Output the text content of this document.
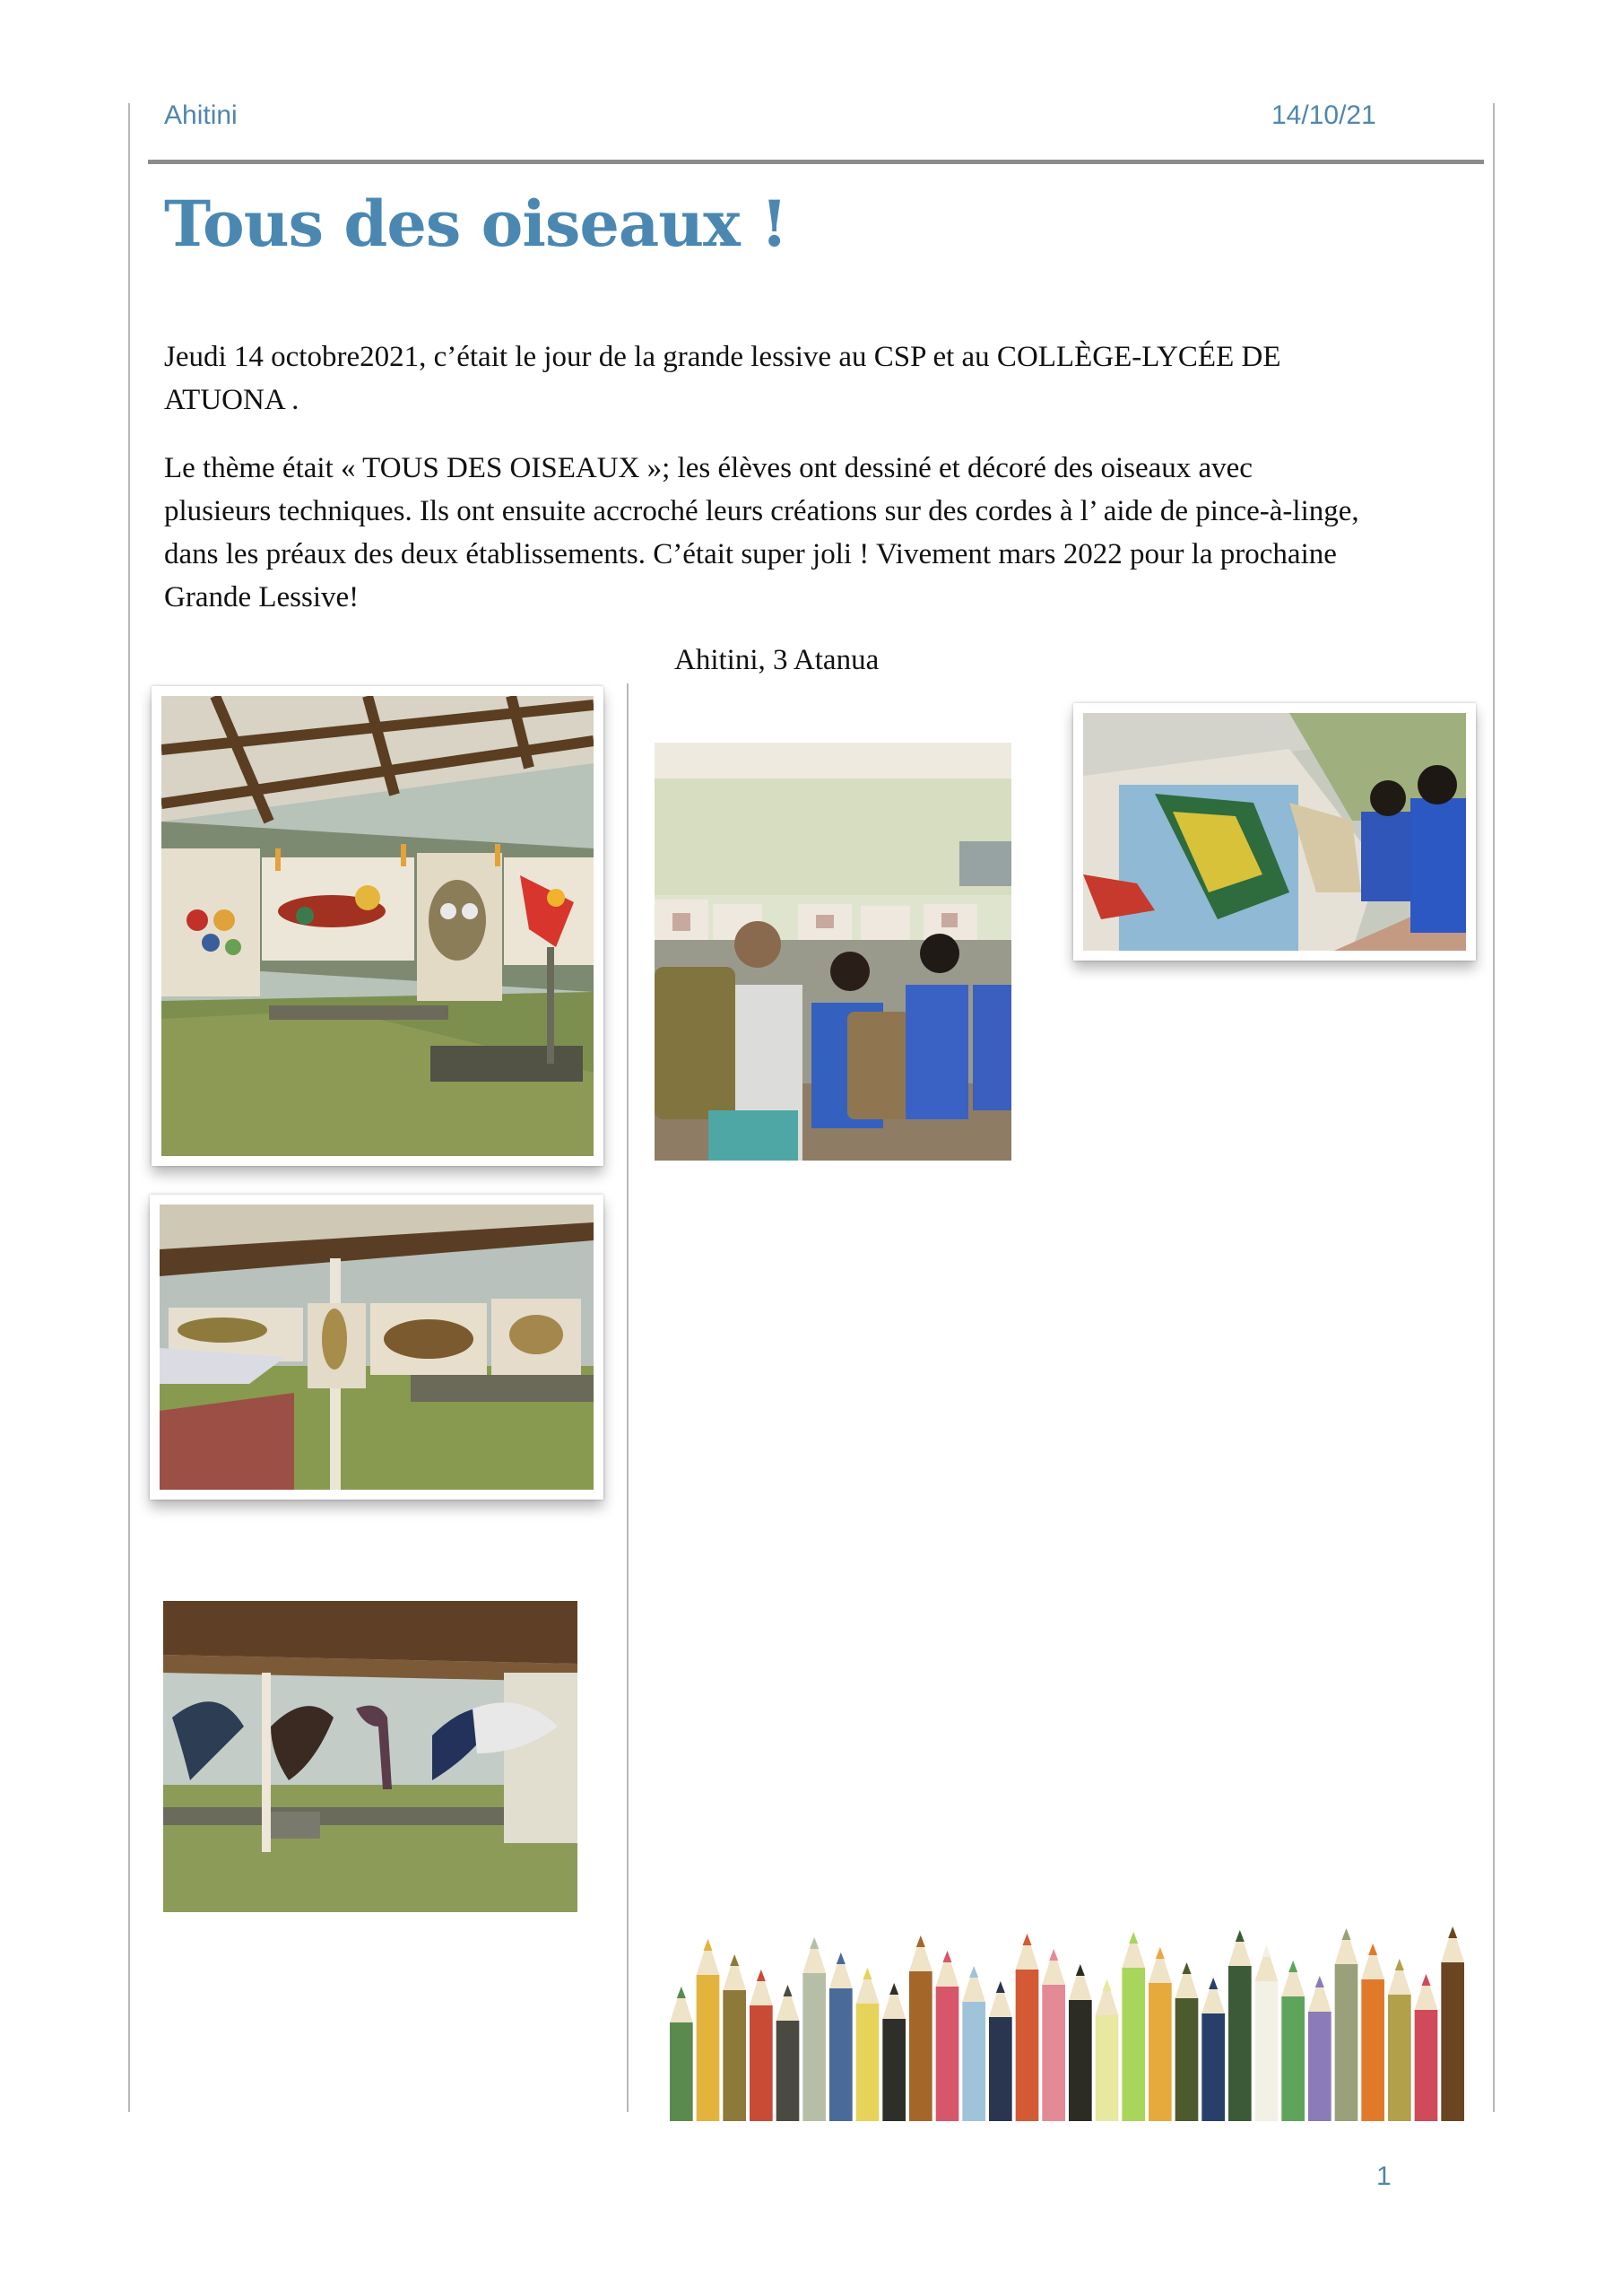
Ahitini	14/10/21
Tous des oiseaux !

Jeudi 14 octobre2021, c’était le jour de la grande lessive au CSP et au COLLÈGE-LYCÉE DE ATUONA .

Le thème était « TOUS DES OISEAUX »; les élèves ont dessiné et décoré des oiseaux avec plusieurs techniques. Ils ont ensuite accroché leurs créations sur des cordes à l’ aide de pince-à-linge, dans les préaux des deux établissements. C’était super joli ! Vivement mars 2022 pour la prochaine Grande Lessive!

Ahitini, 3 Atanua
1
